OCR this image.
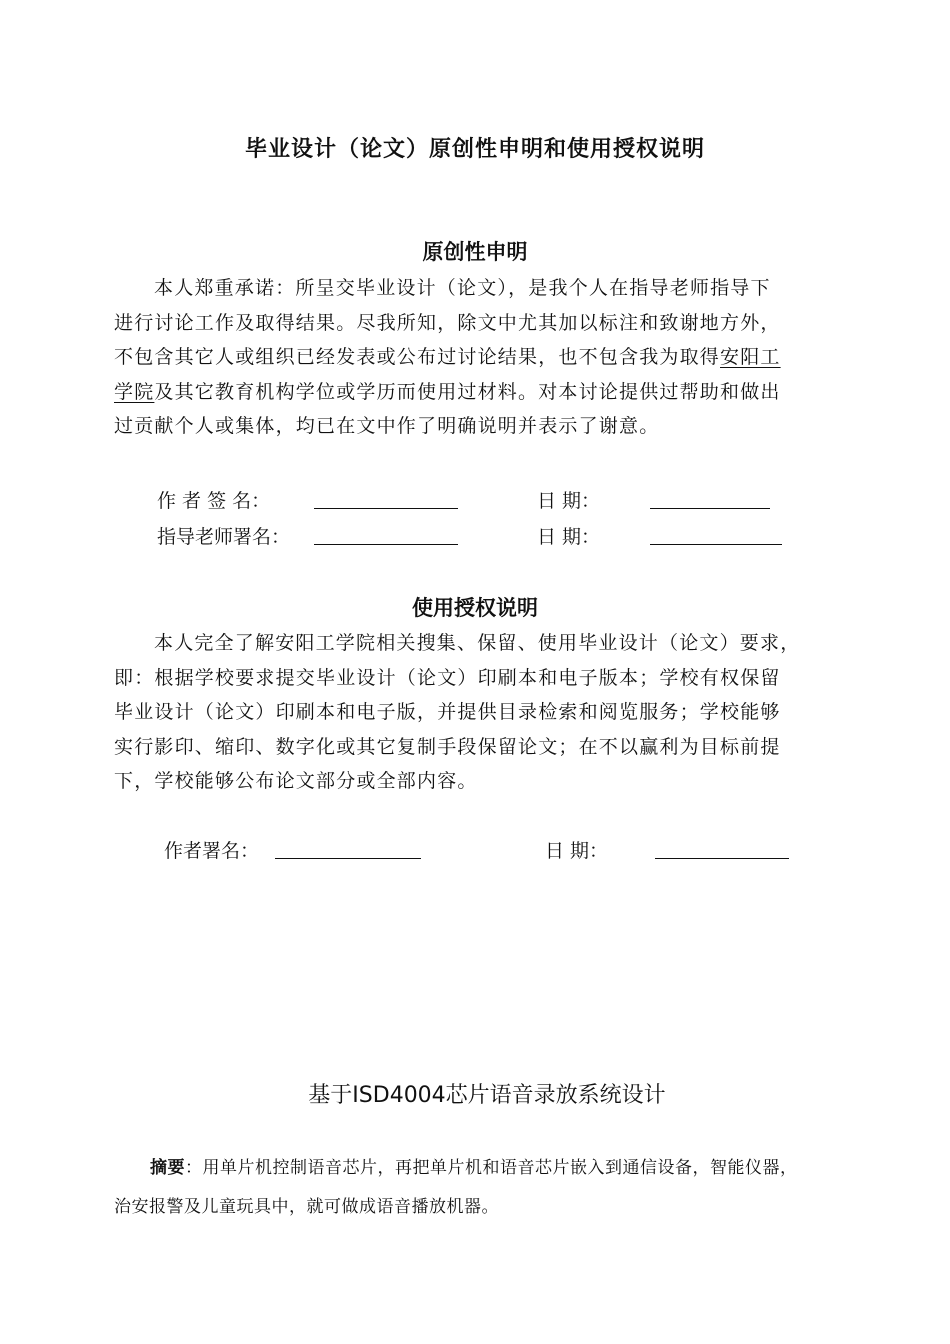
毕业设计（论文）原创性申明和使用授权说明
原创性申明

本人郑重承诺：所呈交毕业设计（论文），是我个人在指导老师指导下

进行讨论工作及取得结果。尽我所知，除文中尤其加以标注和致谢地方外，

不包含其它人或组织已经发表或公布过讨论结果，也不包含我为取得安阳工

学院及其它教育机构学位或学历而使用过材料。对本讨论提供过帮助和做出

过贡献个人或集体，均已在文中作了明确说明并表示了谢意。

作 者 签 名：	日 期：
指导老师署名：	日 期：
使用授权说明

本人完全了解安阳工学院相关搜集、保留、使用毕业设计（论文）要求，

即：根据学校要求提交毕业设计（论文）印刷本和电子版本；学校有权保留

毕业设计（论文）印刷本和电子版，并提供目录检索和阅览服务；学校能够

实行影印、缩印、数字化或其它复制手段保留论文；在不以赢利为目标前提

下，学校能够公布论文部分或全部内容。

作者署名：	日 期：
基于ISD4004芯片语音录放系统设计

摘要：用单片机控制语音芯片，再把单片机和语音芯片嵌入到通信设备，智能仪器，

治安报警及儿童玩具中，就可做成语音播放机器。
